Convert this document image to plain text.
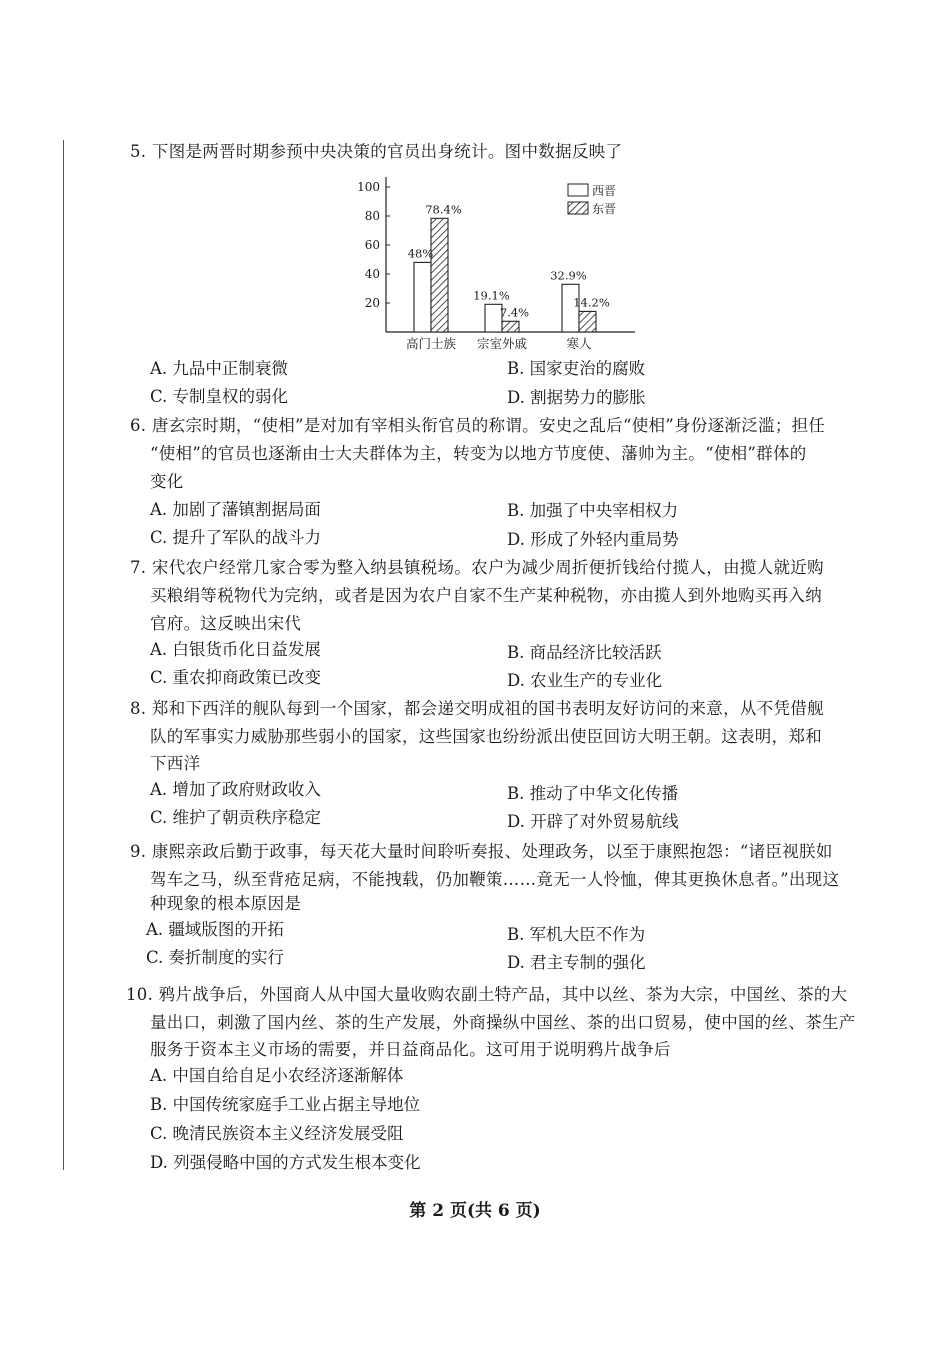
5. 下图是两晋时期参预中央决策的官员出身统计。图中数据反映了
100
80
60
40
20
48%
78.4%
高门士族
19.1%
7.4%
宗室外戚
32.9%
14.2%
寒人
西晋
东晋
A. 九品中正制衰微	B. 国家吏治的腐败
C. 专制皇权的弱化	D. 割据势力的膨胀
6. 唐玄宗时期，“使相”是对加有宰相头衔官员的称谓。安史之乱后“使相”身份逐渐泛滥；担任
“使相”的官员也逐渐由士大夫群体为主，转变为以地方节度使、藩帅为主。“使相”群体的
变化
A. 加剧了藩镇割据局面	B. 加强了中央宰相权力
C. 提升了军队的战斗力	D. 形成了外轻内重局势
7. 宋代农户经常几家合零为整入纳县镇税场。农户为减少周折便折钱给付揽人，由揽人就近购
买粮绢等税物代为完纳，或者是因为农户自家不生产某种税物，亦由揽人到外地购买再入纳
官府。这反映出宋代
A. 白银货币化日益发展	B. 商品经济比较活跃
C. 重农抑商政策已改变	D. 农业生产的专业化
8. 郑和下西洋的舰队每到一个国家，都会递交明成祖的国书表明友好访问的来意，从不凭借舰
队的军事实力威胁那些弱小的国家，这些国家也纷纷派出使臣回访大明王朝。这表明，郑和
下西洋
A. 增加了政府财政收入	B. 推动了中华文化传播
C. 维护了朝贡秩序稳定	D. 开辟了对外贸易航线
9. 康熙亲政后勤于政事，每天花大量时间聆听奏报、处理政务，以至于康熙抱怨：“诸臣视朕如
驾车之马，纵至背疮足病，不能拽载，仍加鞭策……竟无一人怜恤，俾其更换休息者。”出现这
种现象的根本原因是
A. 疆域版图的开拓	B. 军机大臣不作为
C. 奏折制度的实行	D. 君主专制的强化
10. 鸦片战争后，外国商人从中国大量收购农副土特产品，其中以丝、茶为大宗，中国丝、茶的大
量出口，刺激了国内丝、茶的生产发展，外商操纵中国丝、茶的出口贸易，使中国的丝、茶生产
服务于资本主义市场的需要，并日益商品化。这可用于说明鸦片战争后
A. 中国自给自足小农经济逐渐解体
B. 中国传统家庭手工业占据主导地位
C. 晚清民族资本主义经济发展受阻
D. 列强侵略中国的方式发生根本变化
第 2 页(共 6 页)
